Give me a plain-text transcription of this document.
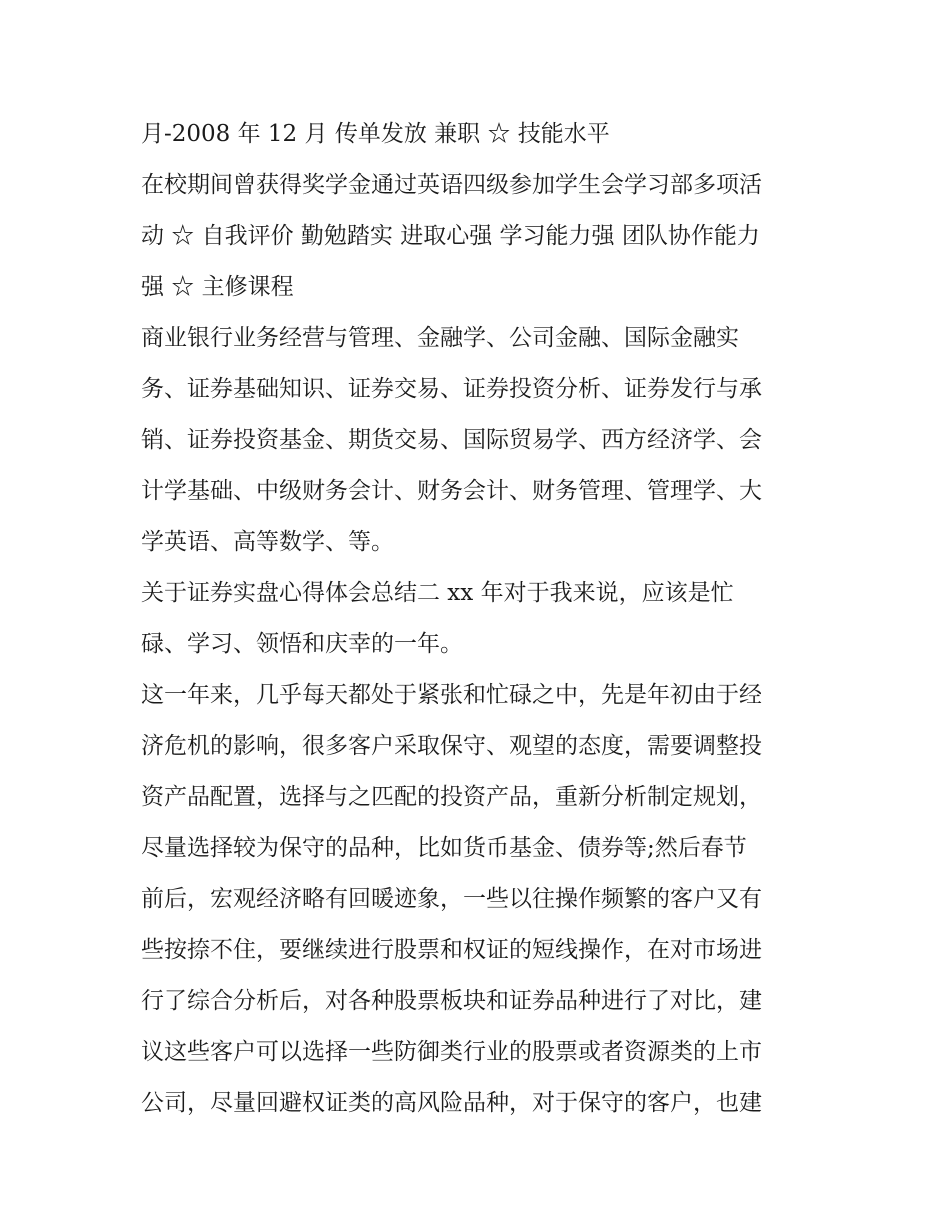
月-2008 年 12 月 传单发放 兼职 ☆ 技能水平
在校期间曾获得奖学金通过英语四级参加学生会学习部多项活
动 ☆ 自我评价 勤勉踏实 进取心强 学习能力强 团队协作能力
强 ☆ 主修课程
商业银行业务经营与管理、金融学、公司金融、国际金融实
务、证券基础知识、证券交易、证券投资分析、证券发行与承
销、证券投资基金、期货交易、国际贸易学、西方经济学、会
计学基础、中级财务会计、财务会计、财务管理、管理学、大
学英语、高等数学、等。
关于证券实盘心得体会总结二 xx 年对于我来说，应该是忙
碌、学习、领悟和庆幸的一年。
这一年来，几乎每天都处于紧张和忙碌之中，先是年初由于经
济危机的影响，很多客户采取保守、观望的态度，需要调整投
资产品配置，选择与之匹配的投资产品，重新分析制定规划，
尽量选择较为保守的品种，比如货币基金、债券等;然后春节
前后，宏观经济略有回暖迹象，一些以往操作频繁的客户又有
些按捺不住，要继续进行股票和权证的短线操作，在对市场进
行了综合分析后，对各种股票板块和证券品种进行了对比，建
议这些客户可以选择一些防御类行业的股票或者资源类的上市
公司，尽量回避权证类的高风险品种，对于保守的客户，也建
